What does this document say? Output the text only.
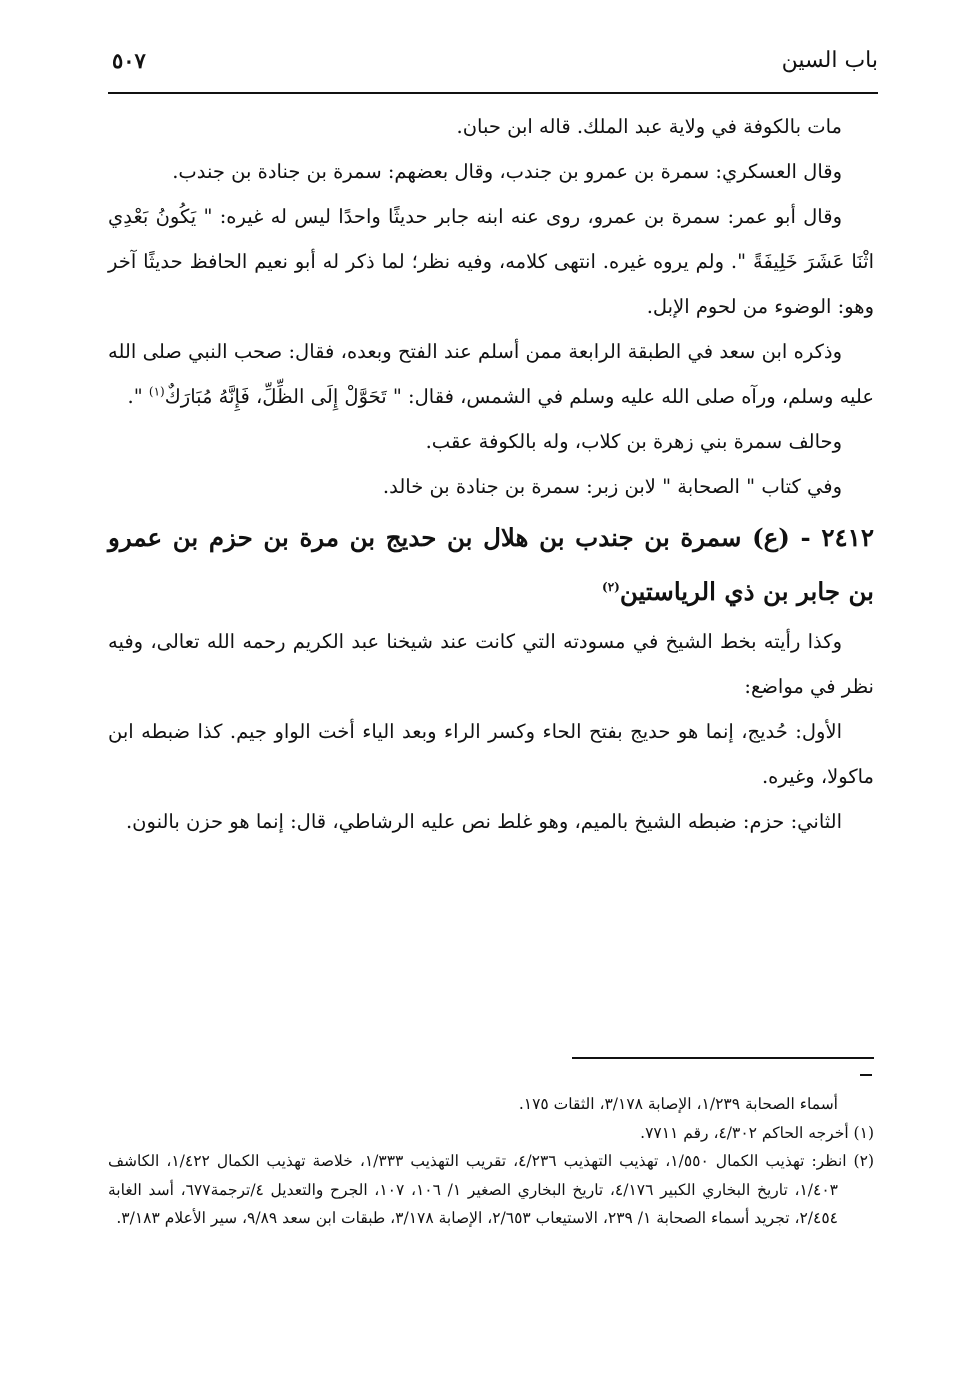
باب السين
٥٠٧

مات بالكوفة في ولاية عبد الملك. قاله ابن حبان.

وقال العسكري: سمرة بن عمرو بن جندب، وقال بعضهم: سمرة بن جنادة بن جندب.

وقال أبو عمر: سمرة بن عمرو، روى عنه ابنه جابر حديثًا واحدًا ليس له غيره: " يَكُونُ بَعْدِي اثْنَا عَشَرَ خَلِيفَةً ". ولم يروه غيره. انتهى كلامه، وفيه نظر؛ لما ذكر له أبو نعيم الحافظ حديثًا آخر وهو: الوضوء من لحوم الإبل.

وذكره ابن سعد في الطبقة الرابعة ممن أسلم عند الفتح وبعده، فقال: صحب النبي صلى الله عليه وسلم، ورآه صلى الله عليه وسلم في الشمس، فقال: " تَحَوَّلْ إِلَى الظِّلِّ، فَإِنَّهُ مُبَارَكٌ$^{(١)}$ ".

وحالف سمرة بني زهرة بن كلاب، وله بالكوفة عقب.

وفي كتاب " الصحابة " لابن زبر: سمرة بن جنادة بن خالد.

٢٤١٢ - (ع) سمرة بن جندب بن هلال بن حديج بن مرة بن حزم بن عمرو بن جابر بن ذي الرياستين$^{(٢)}$

وكذا رأيته بخط الشيخ في مسودته التي كانت عند شيخنا عبد الكريم رحمه الله تعالى، وفيه نظر في مواضع:

الأول: حُديج، إنما هو حديج بفتح الحاء وكسر الراء وبعد الياء أخت الواو جيم. كذا ضبطه ابن ماكولا، وغيره.

الثاني: حزم: ضبطه الشيخ بالميم، وهو غلط نص عليه الرشاطي، قال: إنما هو حزن بالنون.

أسماء الصحابة ١/٢٣٩، الإصابة ٣/١٧٨، الثقات ١٧٥.

(١) أخرجه الحاكم ٤/٣٠٢، رقم ٧٧١١.

(٢) انظر: تهذيب الكمال ١/٥٥٠، تهذيب التهذيب ٤/٢٣٦، تقريب التهذيب ١/٣٣٣، خلاصة تهذيب الكمال ١/٤٢٢، الكاشف ١/٤٠٣، تاريخ البخاري الكبير ٤/١٧٦، تاريخ البخاري الصغير ١/ ١٠٦، ١٠٧، الجرح والتعديل ٤/ترجمة٦٧٧، أسد الغابة ٢/٤٥٤، تجريد أسماء الصحابة ١/ ٢٣٩، الاستيعاب ٢/٦٥٣، الإصابة ٣/١٧٨، طبقات ابن سعد ٩/٨٩، سير الأعلام ٣/١٨٣.
